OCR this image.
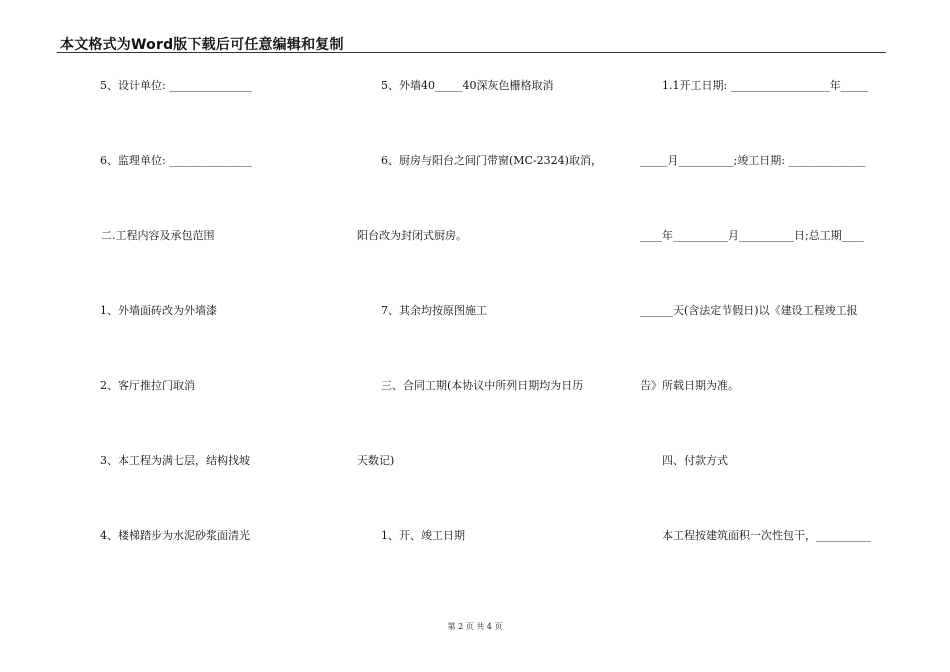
本文格式为Word版下载后可任意编辑和复制
5、设计单位: _______________
6、监理单位: _______________
二.工程内容及承包范围
1、外墙面砖改为外墙漆
2、客厅推拉门取消
3、本工程为满七层，结构找坡
4、楼梯踏步为水泥砂浆面清光
5、外墙40_____40深灰色栅格取消
6、厨房与阳台之间门带窗(MC-2324)取消，
阳台改为封闭式厨房。
7、其余均按原图施工
三、合同工期(本协议中所列日期均为日历
天数记)
1、开、竣工日期
1.1开工日期: __________________年_____
_____月__________;竣工日期: ______________
____年__________月__________日;总工期____
______天(含法定节假日)以《建设工程竣工报
告》所载日期为准。
四、付款方式
本工程按建筑面积一次性包干，__________
第 2 页 共 4 页
